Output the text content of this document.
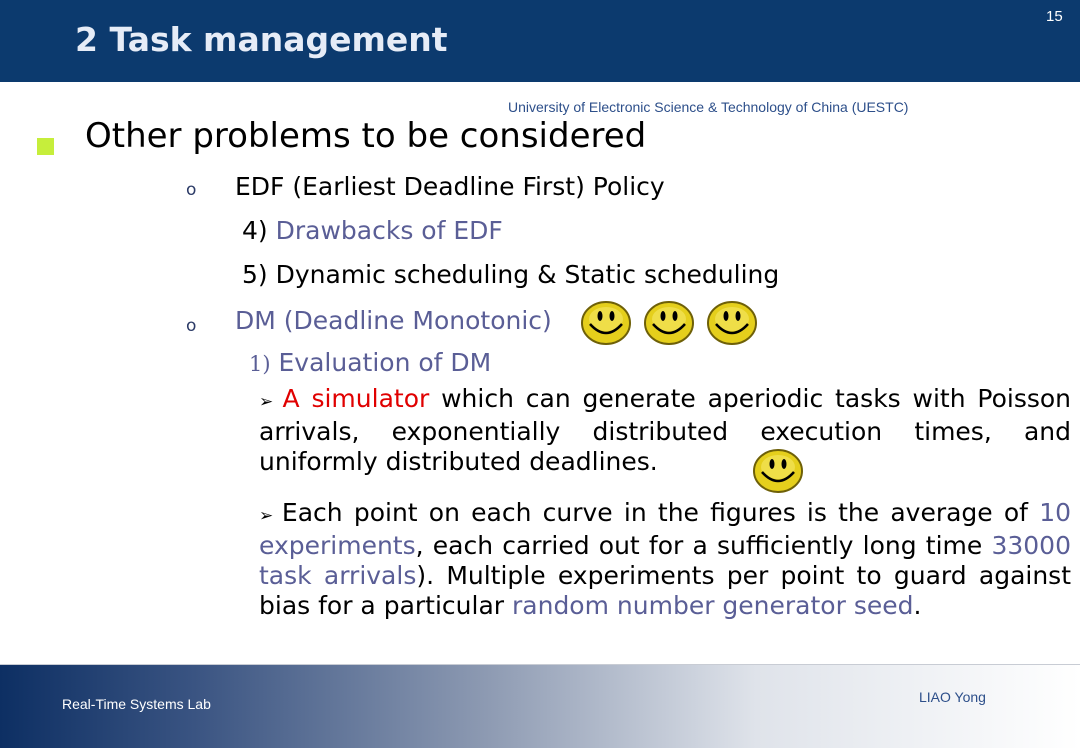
2 Task management
15
University of Electronic Science & Technology of China (UESTC)
Other problems to be considered
o EDF (Earliest Deadline First) Policy
4) Drawbacks of EDF
5) Dynamic scheduling & Static scheduling
o DM (Deadline Monotonic)
1) Evaluation of DM
➢ A simulator which can generate aperiodic tasks with Poisson arrivals, exponentially distributed execution times, and uniformly distributed deadlines.
➢ Each point on each curve in the figures is the average of 10 experiments, each carried out for a sufficiently long time 33000 task arrivals). Multiple experiments per point to guard against bias for a particular random number generator seed.
Real-Time Systems Lab	LIAO Yong
